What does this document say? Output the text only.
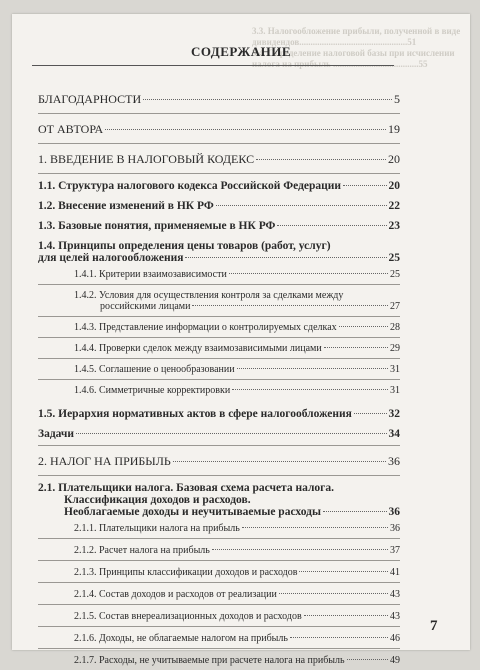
3.3. Налогообложение прибыли, полученной в виде
дивидендов................................................51
3.4. Определение налоговой базы при исчислении
налога на прибыль ......................................55
СОДЕРЖАНИЕ
БЛАГОДАРНОСТИ	5
ОТ АВТОРА	19
1. ВВЕДЕНИЕ В НАЛОГОВЫЙ КОДЕКС	20
1.1. Структура налогового кодекса Российской Федерации	20
1.2. Внесение изменений в НК РФ	22
1.3. Базовые понятия, применяемые в НК РФ	23
1.4. Принципы определения цены товаров (работ, услуг)
для целей налогообложения	25
1.4.1. Критерии взаимозависимости	25
1.4.2. Условия для осуществления контроля за сделками между
российскими лицами	27
1.4.3. Представление информации о контролируемых сделках	28
1.4.4. Проверки сделок между взаимозависимыми лицами	29
1.4.5. Соглашение о ценообразовании	31
1.4.6. Симметричные корректировки	31
1.5. Иерархия нормативных актов в сфере налогообложения	32
Задачи	34
2. НАЛОГ НА ПРИБЫЛЬ	36
2.1. Плательщики налога. Базовая схема расчета налога.
Классификация доходов и расходов.
Необлагаемые доходы и неучитываемые расходы	36
2.1.1. Плательщики налога на прибыль	36
2.1.2. Расчет налога на прибыль	37
2.1.3. Принципы классификации доходов и расходов	41
2.1.4. Состав доходов и расходов от реализации	43
2.1.5. Состав внереализационных доходов и расходов	43
2.1.6. Доходы, не облагаемые налогом на прибыль	46
2.1.7. Расходы, не учитываемые при расчете налога на прибыль	49
7
